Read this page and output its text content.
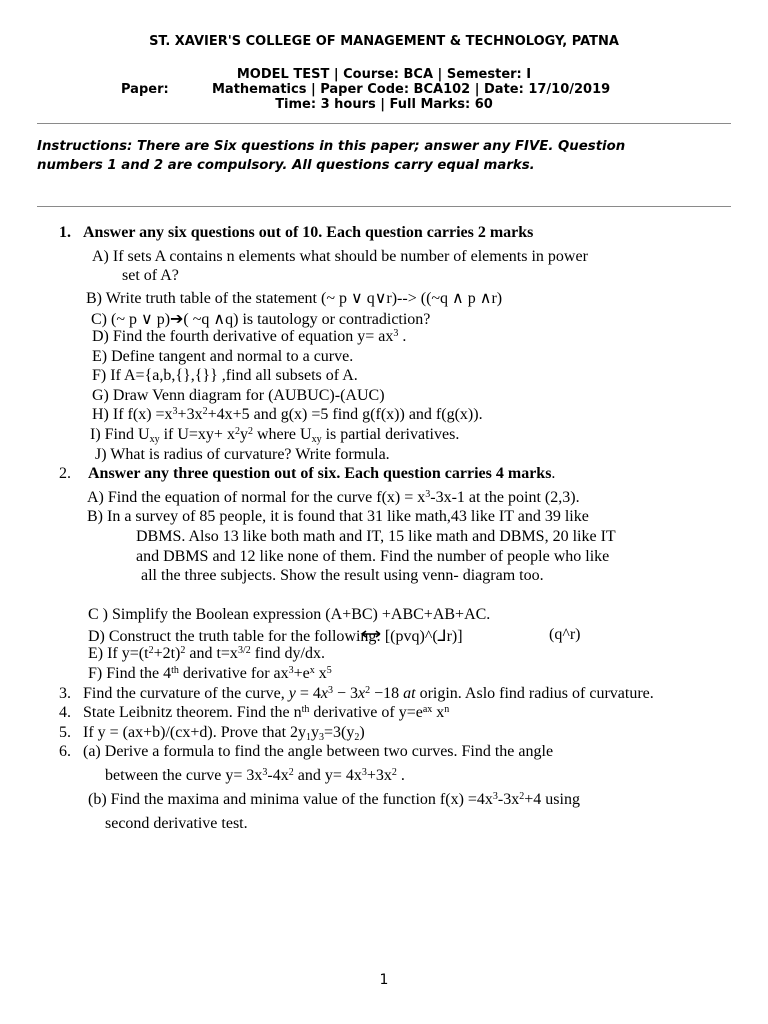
ST. XAVIER'S COLLEGE OF MANAGEMENT & TECHNOLOGY, PATNA
MODEL TEST | Course: BCA | Semester: I
Paper:	Mathematics | Paper Code: BCA102 | Date: 17/10/2019
Time: 3 hours | Full Marks: 60
Instructions: There are Six questions in this paper; answer any FIVE. Question
numbers 1 and 2 are compulsory. All questions carry equal marks.
1. Answer any six questions out of 10. Each question carries 2 marks
A) If sets A contains n elements what should be number of elements in power
set of A?
B) Write truth table of the statement (~ p ∨ q∨r)--> ((~q ∧ p ∧r)
C) (~ p ∨ p)➔( ~q ∧q) is tautology or contradiction?
D) Find the fourth derivative of equation $y= ax^3$ .
E) Define tangent and normal to a curve.
F) If A={a,b,{},{}} ,find all subsets of A.
G) Draw Venn diagram for (AUBUC)-(AUC)
H) If $f(x) =x^3+3x^2+4x+5$ and g(x) =5 find g(f(x)) and f(g(x)).
I) Find $U_{xy}$ if $U=xy+ x^2y^2$ where $U_{xy}$ is partial derivatives.
J) What is radius of curvature? Write formula.
2. Answer any three question out of six. Each question carries 4 marks.
A) Find the equation of normal for the curve $f(x) = x^3-3x-1$ at the point (2,3).
B) In a survey of 85 people, it is found that 31 like math,43 like IT and 39 like
DBMS. Also 13 like both math and IT, 15 like math and DBMS, 20 like IT
and DBMS and 12 like none of them. Find the number of people who like
all the three subjects. Show the result using venn- diagram too.
C ) Simplify the Boolean expression (A+BC) +ABC+AB+AC.
D) Construct the truth table for the following: [(pvq)^(⅃r)]	(q^r)
E) If $y=(t^2+2t)^2$ and $t=x^{3/2}$ find dy/dx.
F) Find the 4th derivative for $ax^3+e^x$ $x^5$
3. Find the curvature of the curve, $y = 4x^3 - 3x^2 -18$ at origin. Aslo find radius of curvature.
4. State Leibnitz theorem. Find the $n^{th}$ derivative of $y=e^{ax}$ $x^n$
5. If y = (ax+b)/(cx+d). Prove that $2y_1y_3=3(y_2)$
6. (a) Derive a formula to find the angle between two curves. Find the angle
between the curve $y= 3x^3-4x^2$ and $y= 4x^3+3x^2$ .
(b) Find the maxima and minima value of the function $f(x) =4x^3-3x^2+4$ using
second derivative test.
1
